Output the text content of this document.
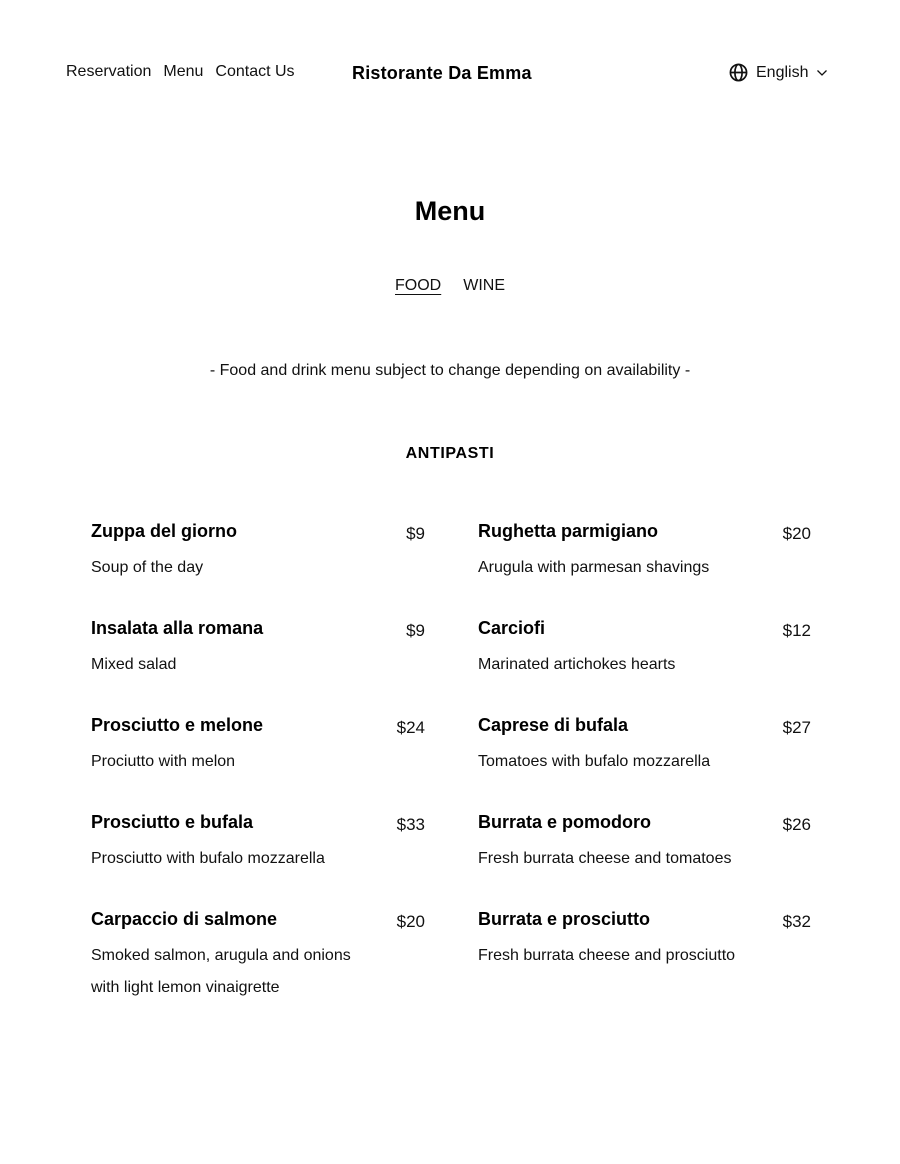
Reservation Menu Contact Us	Ristorante Da Emma	English
Menu
FOOD WINE
- Food and drink menu subject to change depending on availability -
ANTIPASTI
Zuppa del giorno	$9
Soup of the day
Insalata alla romana	$9
Mixed salad
Prosciutto e melone	$24
Prociutto with melon
Prosciutto e bufala	$33
Prosciutto with bufalo mozzarella
Carpaccio di salmone	$20
Smoked salmon, arugula and onions with light lemon vinaigrette
Rughetta parmigiano	$20
Arugula with parmesan shavings
Carciofi	$12
Marinated artichokes hearts
Caprese di bufala	$27
Tomatoes with bufalo mozzarella
Burrata e pomodoro	$26
Fresh burrata cheese and tomatoes
Burrata e prosciutto	$32
Fresh burrata cheese and prosciutto
